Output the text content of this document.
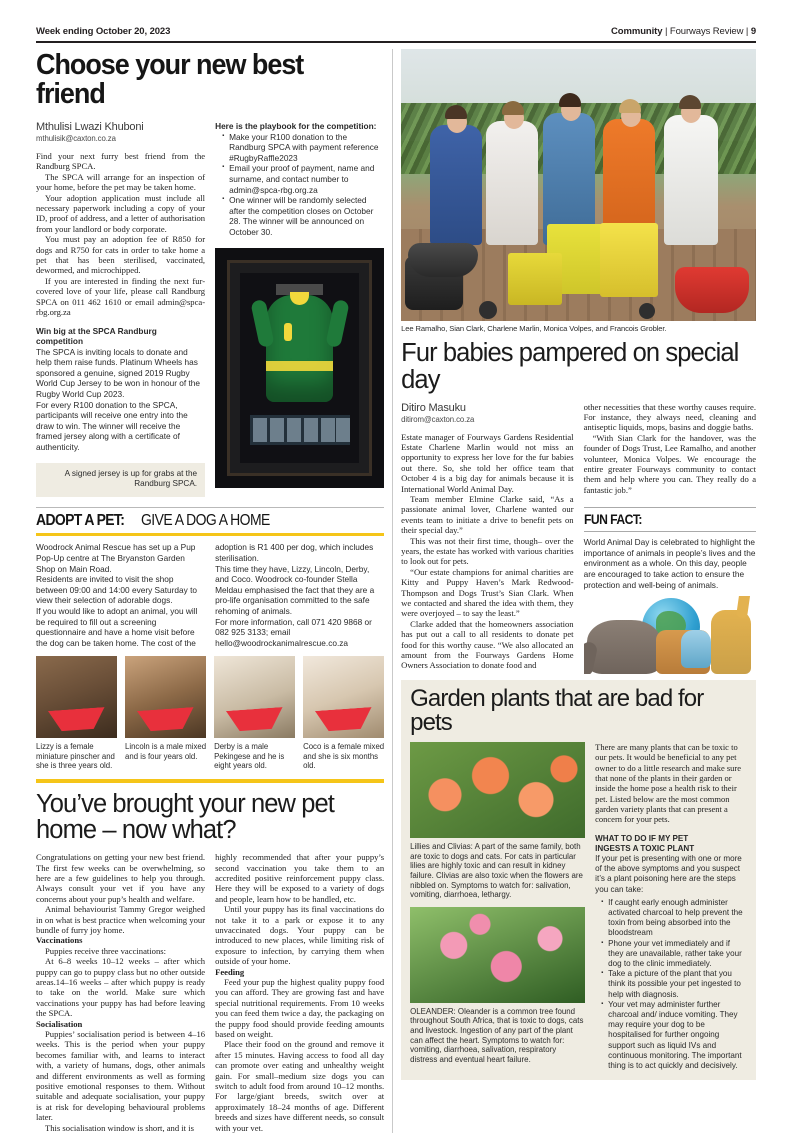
Week ending October 20, 2023	Community | Fourways Review | 9
Choose your new best friend
Mthulisi Lwazi Khuboni
mthulisik@caxton.co.za

Find your next furry best friend from the Randburg SPCA.

The SPCA will arrange for an inspection of your home, before the pet may be taken home.

Your adoption application must include all necessary paperwork including a copy of your ID, proof of address, and a letter of authorisation from your landlord or body corporate.

You must pay an adoption fee of R850 for dogs and R750 for cats in order to take home a pet that has been sterilised, vaccinated, dewormed, and microchipped.

If you are interested in finding the next fur-covered love of your life, please call Randburg SPCA on 011 462 1610 or email admin@spca-rbg.org.za

Win big at the SPCA Randburg competition

The SPCA is inviting locals to donate and help them raise funds. Platinum Wheels has sponsored a genuine, signed 2019 Rugby World Cup Jersey to be won in honour of the Rugby World Cup 2023.

For every R100 donation to the SPCA, participants will receive one entry into the draw to win. The winner will receive the framed jersey along with a certificate of authenticity.

A signed jersey is up for grabs at the Randburg SPCA.

Here is the playbook for the competition:

▪ Make your R100 donation to the Randburg SPCA with payment reference #RugbyRaffle2023
▪ Email your proof of payment, name and surname, and contact number to admin@spca-rbg.org.za
▪ One winner will be randomly selected after the competition closes on October 28. The winner will be announced on October 30.
ADOPT A PET: GIVE A DOG A HOME

Woodrock Animal Rescue has set up a Pup Pop-Up centre at The Bryanston Garden Shop on Main Road.

Residents are invited to visit the shop between 09:00 and 14:00 every Saturday to view their selection of adorable dogs.

If you would like to adopt an animal, you will be required to fill out a screening questionnaire and have a home visit before the dog can be taken home. The cost of the

adoption is R1 400 per dog, which includes sterilisation.

This time they have, Lizzy, Lincoln, Derby, and Coco. Woodrock co-founder Stella Meldau emphasised the fact that they are a pro-life organisation committed to the safe rehoming of animals.

For more information, call 071 420 9868 or 082 925 3133; email hello@woodrockanimalrescue.co.za

Lizzy is a female miniature pinscher and she is three years old.
Lincoln is a male mixed and is four years old.
Derby is a male Pekingese and he is eight years old.
Coco is a female mixed and she is six months old.
You’ve brought your new pet home – now what?

Congratulations on getting your new best friend. The first few weeks can be overwhelming, so here are a few guidelines to help you through. Always consult your vet if you have any concerns about your pup’s health and welfare.

Animal behaviourist Tammy Gregor weighed in on what is best practice when welcoming your bundle of furry joy home.

Vaccinations

Puppies receive three vaccinations:

At 6–8 weeks 10–12 weeks – after which puppy can go to puppy class but no other outside areas.14–16 weeks – after which puppy is ready to take on the world. Make sure which vaccinations your puppy has had before leaving the SPCA.

Socialisation

Puppies’ socialisation period is between 4–16 weeks. This is the period when your puppy becomes familiar with, and learns to interact with, a variety of humans, dogs, other animals and different environments as well as forming positive emotional responses to them. Without suitable and adequate socialisation, your puppy is at risk for developing behavioural problems later.

This socialisation window is short, and it is

highly recommended that after your puppy’s second vaccination you take them to an accredited positive reinforcement puppy class. Here they will be exposed to a variety of dogs and people, learn how to be handled, etc.

Until your puppy has its final vaccinations do not take it to a park or expose it to any unvaccinated dogs. Your puppy can be introduced to new places, while limiting risk of exposure to infection, by carrying them when outside of your home.

Feeding

Feed your pup the highest quality puppy food you can afford. They are growing fast and have special nutritional requirements. From 10 weeks you can feed them twice a day, the packaging on the puppy food should provide feeding amounts based on weight.

Place their food on the ground and remove it after 15 minutes. Having access to food all day can promote over eating and unhealthy weight gain. For small–medium size dogs you can switch to adult food from around 10–12 months. For large/giant breeds, switch over at approximately 18–24 months of age. Different breeds and sizes have different needs, so consult with your vet.

Lee Ramalho, Sian Clark, Charlene Marlin, Monica Volpes, and Francois Grobler.
Fur babies pampered on special day
Ditiro Masuku
ditirom@caxton.co.za

Estate manager of Fourways Gardens Residential Estate Charlene Marlin would not miss an opportunity to express her love for the fur babies out there. So, she told her office team that October 4 is a big day for animals because it is International World Animal Day.

Team member Elmine Clarke said, “As a passionate animal lover, Charlene wanted our events team to initiate a drive to benefit pets on their special day.”

This was not their first time, though– over the years, the estate has worked with various charities to look out for pets.

“Our estate champions for animal charities are Kitty and Puppy Haven’s Mark Redwood-Thompson and Dogs Trust’s Sian Clark. When we contacted and shared the idea with them, they were overjoyed – to say the least.”

Clarke added that the homeowners association has put out a call to all residents to donate pet food for this worthy cause. “We also allocated an amount from the Fourways Gardens Home Owners Association to donate food and

other necessities that these worthy causes require. For instance, they always need, cleaning and antiseptic liquids, mops, basins and doggie baths.

“With Sian Clark for the handover, was the founder of Dogs Trust, Lee Ramalho, and another volunteer, Monica Volpes. We encourage the entire greater Fourways community to contact them and help where you can. They really do a fantastic job.”

FUN FACT:

World Animal Day is celebrated to highlight the importance of animals in people’s lives and the environment as a whole. On this day, people are encouraged to take action to ensure the protection and well-being of animals.

Garden plants that are bad for pets
Lillies and Clivias: A part of the same family, both are toxic to dogs and cats. For cats in particular lilies are highly toxic and can result in kidney failure. Clivias are also toxic when the flowers are nibbled on. Symptoms to watch for: salivation, vomiting, diarrhoea, lethargy.
OLEANDER: Oleander is a common tree found throughout South Africa, that is toxic to dogs, cats and livestock. Ingestion of any part of the plant can affect the heart. Symptoms to watch for: vomiting, diarrhoea, salivation, respiratory distress and eventual heart failure.
There are many plants that can be toxic to our pets. It would be beneficial to any pet owner to do a little research and make sure that none of the plants in their garden or inside the home pose a health risk to their pet. Listed below are the most common garden variety plants that can present a concern for your pets.
WHAT TO DO IF MY PET
INGESTS A TOXIC PLANT
If your pet is presenting with one or more of the above symptoms and you suspect it’s a plant poisoning here are the steps you can take:
▪ If caught early enough administer activated charcoal to help prevent the toxin from being absorbed into the bloodstream
▪ Phone your vet immediately and if they are unavailable, rather take your dog to the clinic immediately.
▪ Take a picture of the plant that you think its possible your pet ingested to help with diagnosis.
▪ Your vet may administer further charcoal and/ induce vomiting. They may require your dog to be hospitalised for further ongoing support such as liquid IVs and continuous monitoring. The important thing is to act quickly and decisively.
